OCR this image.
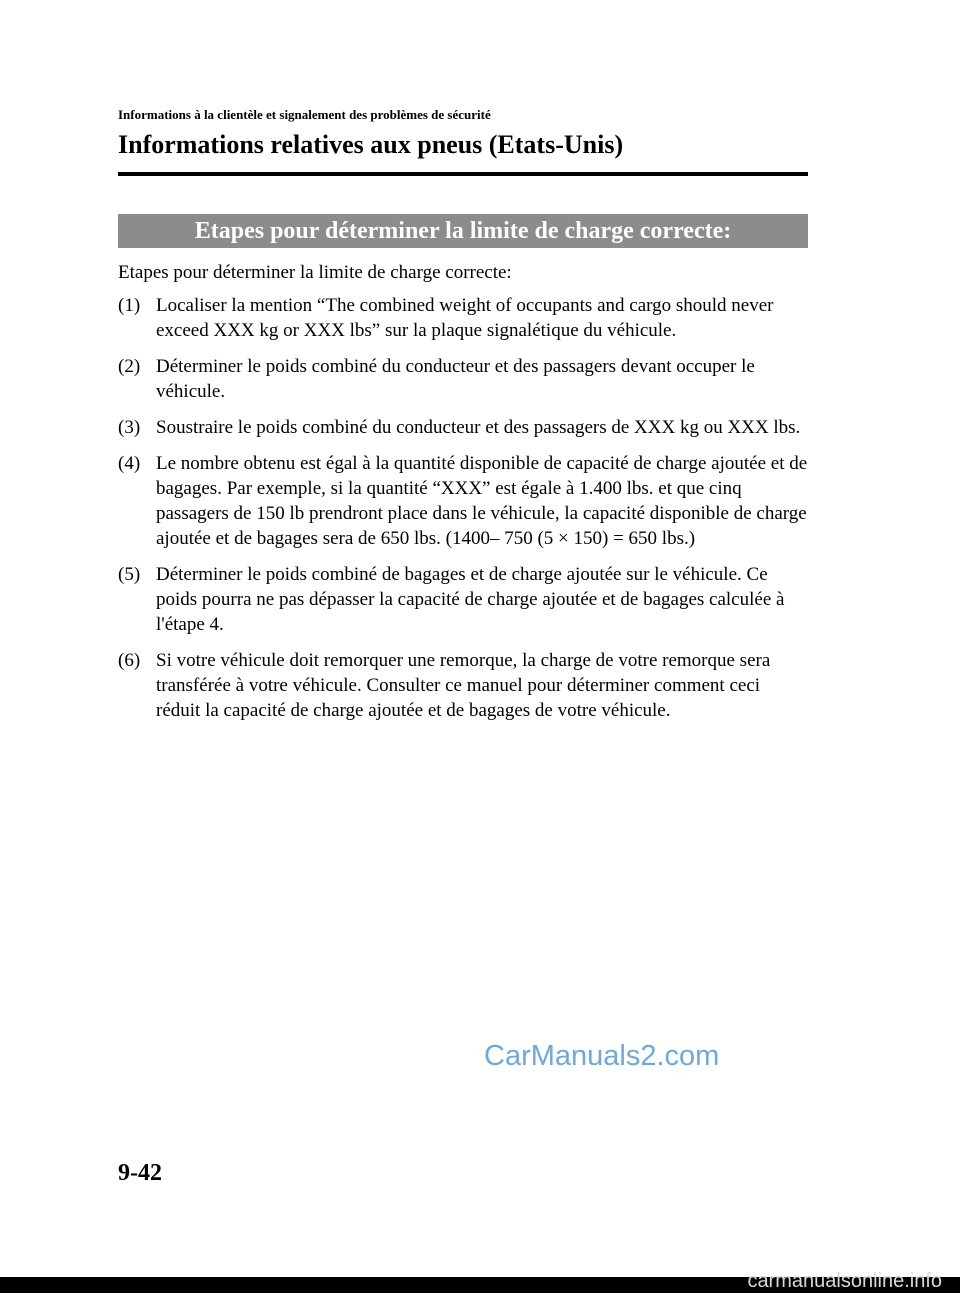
Informations à la clientèle et signalement des problèmes de sécurité
Informations relatives aux pneus (Etats-Unis)
Etapes pour déterminer la limite de charge correcte:
Etapes pour déterminer la limite de charge correcte:
(1) Localiser la mention “The combined weight of occupants and cargo should never exceed XXX kg or XXX lbs” sur la plaque signalétique du véhicule.
(2) Déterminer le poids combiné du conducteur et des passagers devant occuper le véhicule.
(3) Soustraire le poids combiné du conducteur et des passagers de XXX kg ou XXX lbs.
(4) Le nombre obtenu est égal à la quantité disponible de capacité de charge ajoutée et de bagages. Par exemple, si la quantité “XXX” est égale à 1.400 lbs. et que cinq passagers de 150 lb prendront place dans le véhicule, la capacité disponible de charge ajoutée et de bagages sera de 650 lbs. (1400– 750 (5 × 150) = 650 lbs.)
(5) Déterminer le poids combiné de bagages et de charge ajoutée sur le véhicule. Ce poids pourra ne pas dépasser la capacité de charge ajoutée et de bagages calculée à l'étape 4.
(6) Si votre véhicule doit remorquer une remorque, la charge de votre remorque sera transférée à votre véhicule. Consulter ce manuel pour déterminer comment ceci réduit la capacité de charge ajoutée et de bagages de votre véhicule.
CarManuals2.com
9-42
carmanualsonline.info
